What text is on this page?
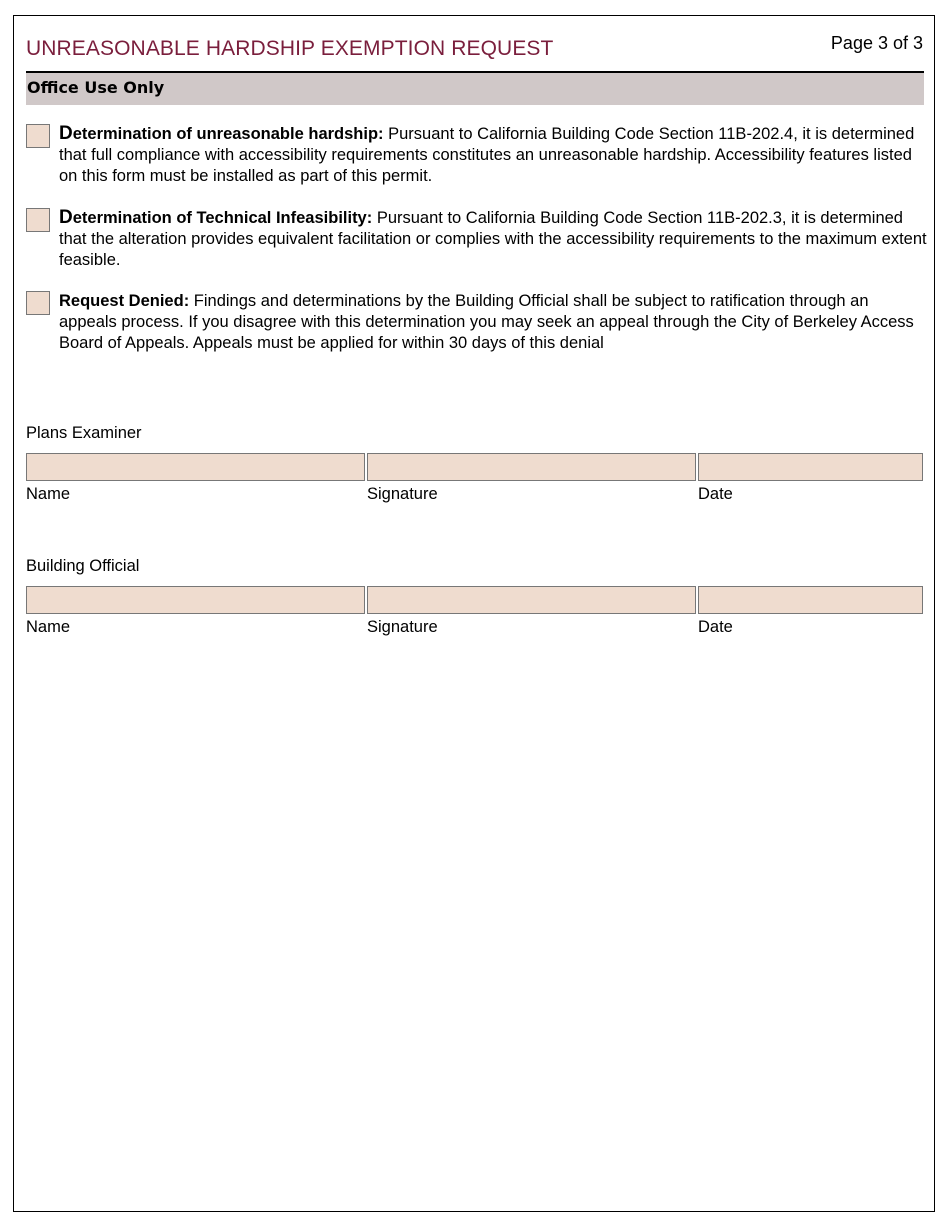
UNREASONABLE HARDSHIP EXEMPTION REQUEST	Page 3 of 3
Office Use Only
Determination of unreasonable hardship: Pursuant to California Building Code Section 11B-202.4, it is determined that full compliance with accessibility requirements constitutes an unreasonable hardship. Accessibility features listed on this form must be installed as part of this permit.
Determination of Technical Infeasibility: Pursuant to California Building Code Section 11B-202.3, it is determined that the alteration provides equivalent facilitation or complies with the accessibility requirements to the maximum extent feasible.
Request Denied: Findings and determinations by the Building Official shall be subject to ratification through an appeals process. If you disagree with this determination you may seek an appeal through the City of Berkeley Access Board of Appeals. Appeals must be applied for within 30 days of this denial
Plans Examiner
Name	Signature	Date
Building Official
Name	Signature	Date
